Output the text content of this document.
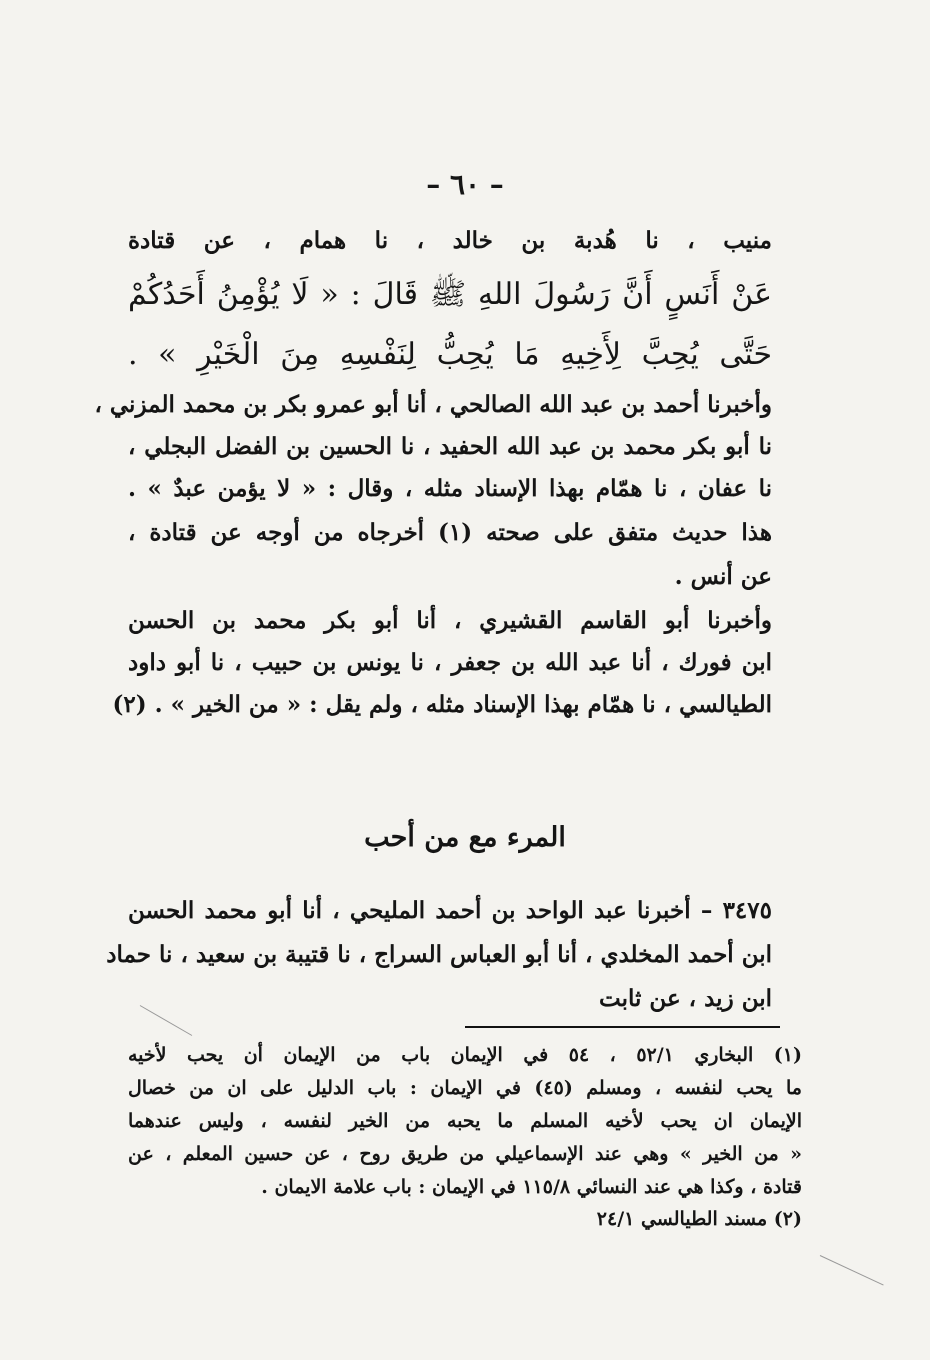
– ٦٠ –
منيب ، نا هُدبة بن خالد ، نا همام ، عن قتادة
عَنْ أَنَسٍ أَنَّ رَسُولَ اللهِ ﷺ قَالَ : « لَا يُؤْمِنُ أَحَدُكُمْ
حَتَّى يُحِبَّ لِأَخِيهِ مَا يُحِبُّ لِنَفْسِهِ مِنَ الْخَيْرِ » .
وأخبرنا أحمد بن عبد الله الصالحي ، أنا أبو عمرو بكر بن محمد المزني ،
نا أبو بكر محمد بن عبد الله الحفيد ، نا الحسين بن الفضل البجلي ،
نا عفان ، نا همّام بهذا الإسناد مثله ، وقال : « لا يؤمن عبدٌ » .
هذا حديث متفق على صحته (١) أخرجاه من أوجه عن قتادة ،
عن أنس .
وأخبرنا أبو القاسم القشيري ، أنا أبو بكر محمد بن الحسن
ابن فورك ، أنا عبد الله بن جعفر ، نا يونس بن حبيب ، نا أبو داود
الطيالسي ، نا همّام بهذا الإسناد مثله ، ولم يقل : « من الخير » . (٢)
المرء مع من أحب
٣٤٧٥ – أخبرنا عبد الواحد بن أحمد المليحي ، أنا أبو محمد الحسن
ابن أحمد المخلدي ، أنا أبو العباس السراج ، نا قتيبة بن سعيد ، نا حماد
ابن زيد ، عن ثابت
(١) البخاري ٥٢/١ ، ٥٤ في الإيمان باب من الإيمان أن يحب لأخيه
ما يحب لنفسه ، ومسلم (٤٥) في الإيمان : باب الدليل على ان من خصال
الإيمان ان يحب لأخيه المسلم ما يحبه من الخير لنفسه ، وليس عندهما
« من الخير » وهي عند الإسماعيلي من طريق روح ، عن حسين المعلم ، عن
قتادة ، وكذا هي عند النسائي ١١٥/٨ في الإيمان : باب علامة الايمان .
(٢) مسند الطيالسي ٢٤/١
